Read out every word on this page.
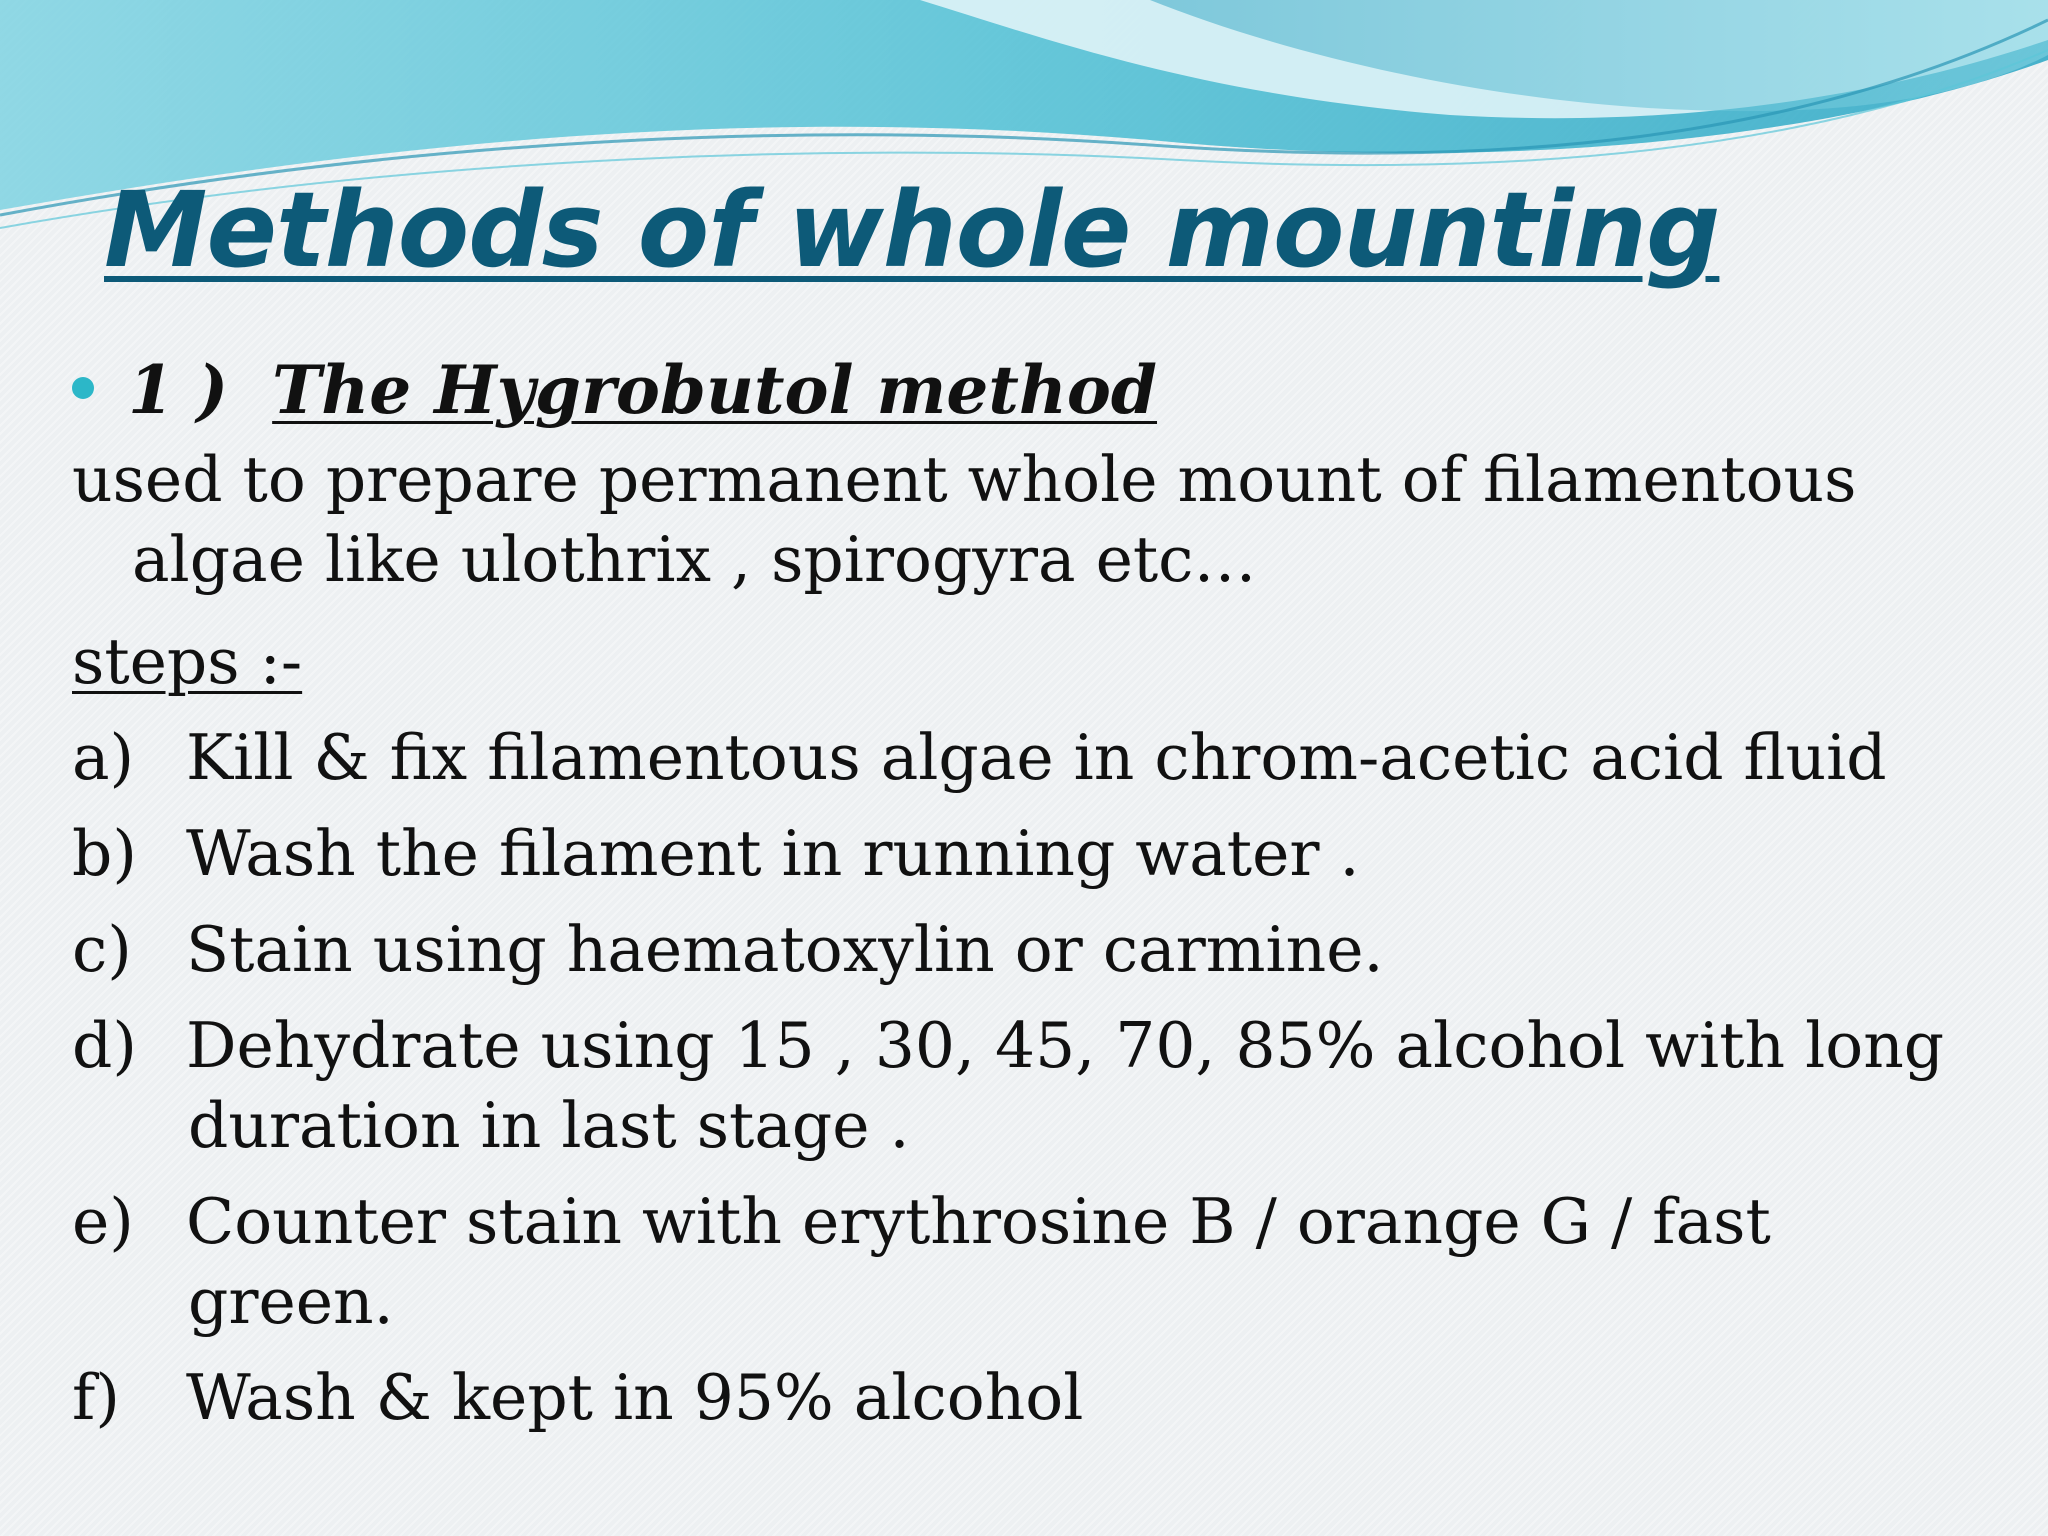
Methods of whole mounting
1 ) The Hygrobutol method
used to prepare permanent whole mount of filamentous
algae like ulothrix , spirogyra etc…
steps :-
a) Kill & fix filamentous algae in chrom-acetic acid fluid
b) Wash the filament in running water .
c) Stain using haematoxylin or carmine.
d) Dehydrate using 15 , 30, 45, 70, 85% alcohol with long
duration in last stage .
e) Counter stain with erythrosine B / orange G / fast
green.
f) Wash & kept in 95% alcohol
